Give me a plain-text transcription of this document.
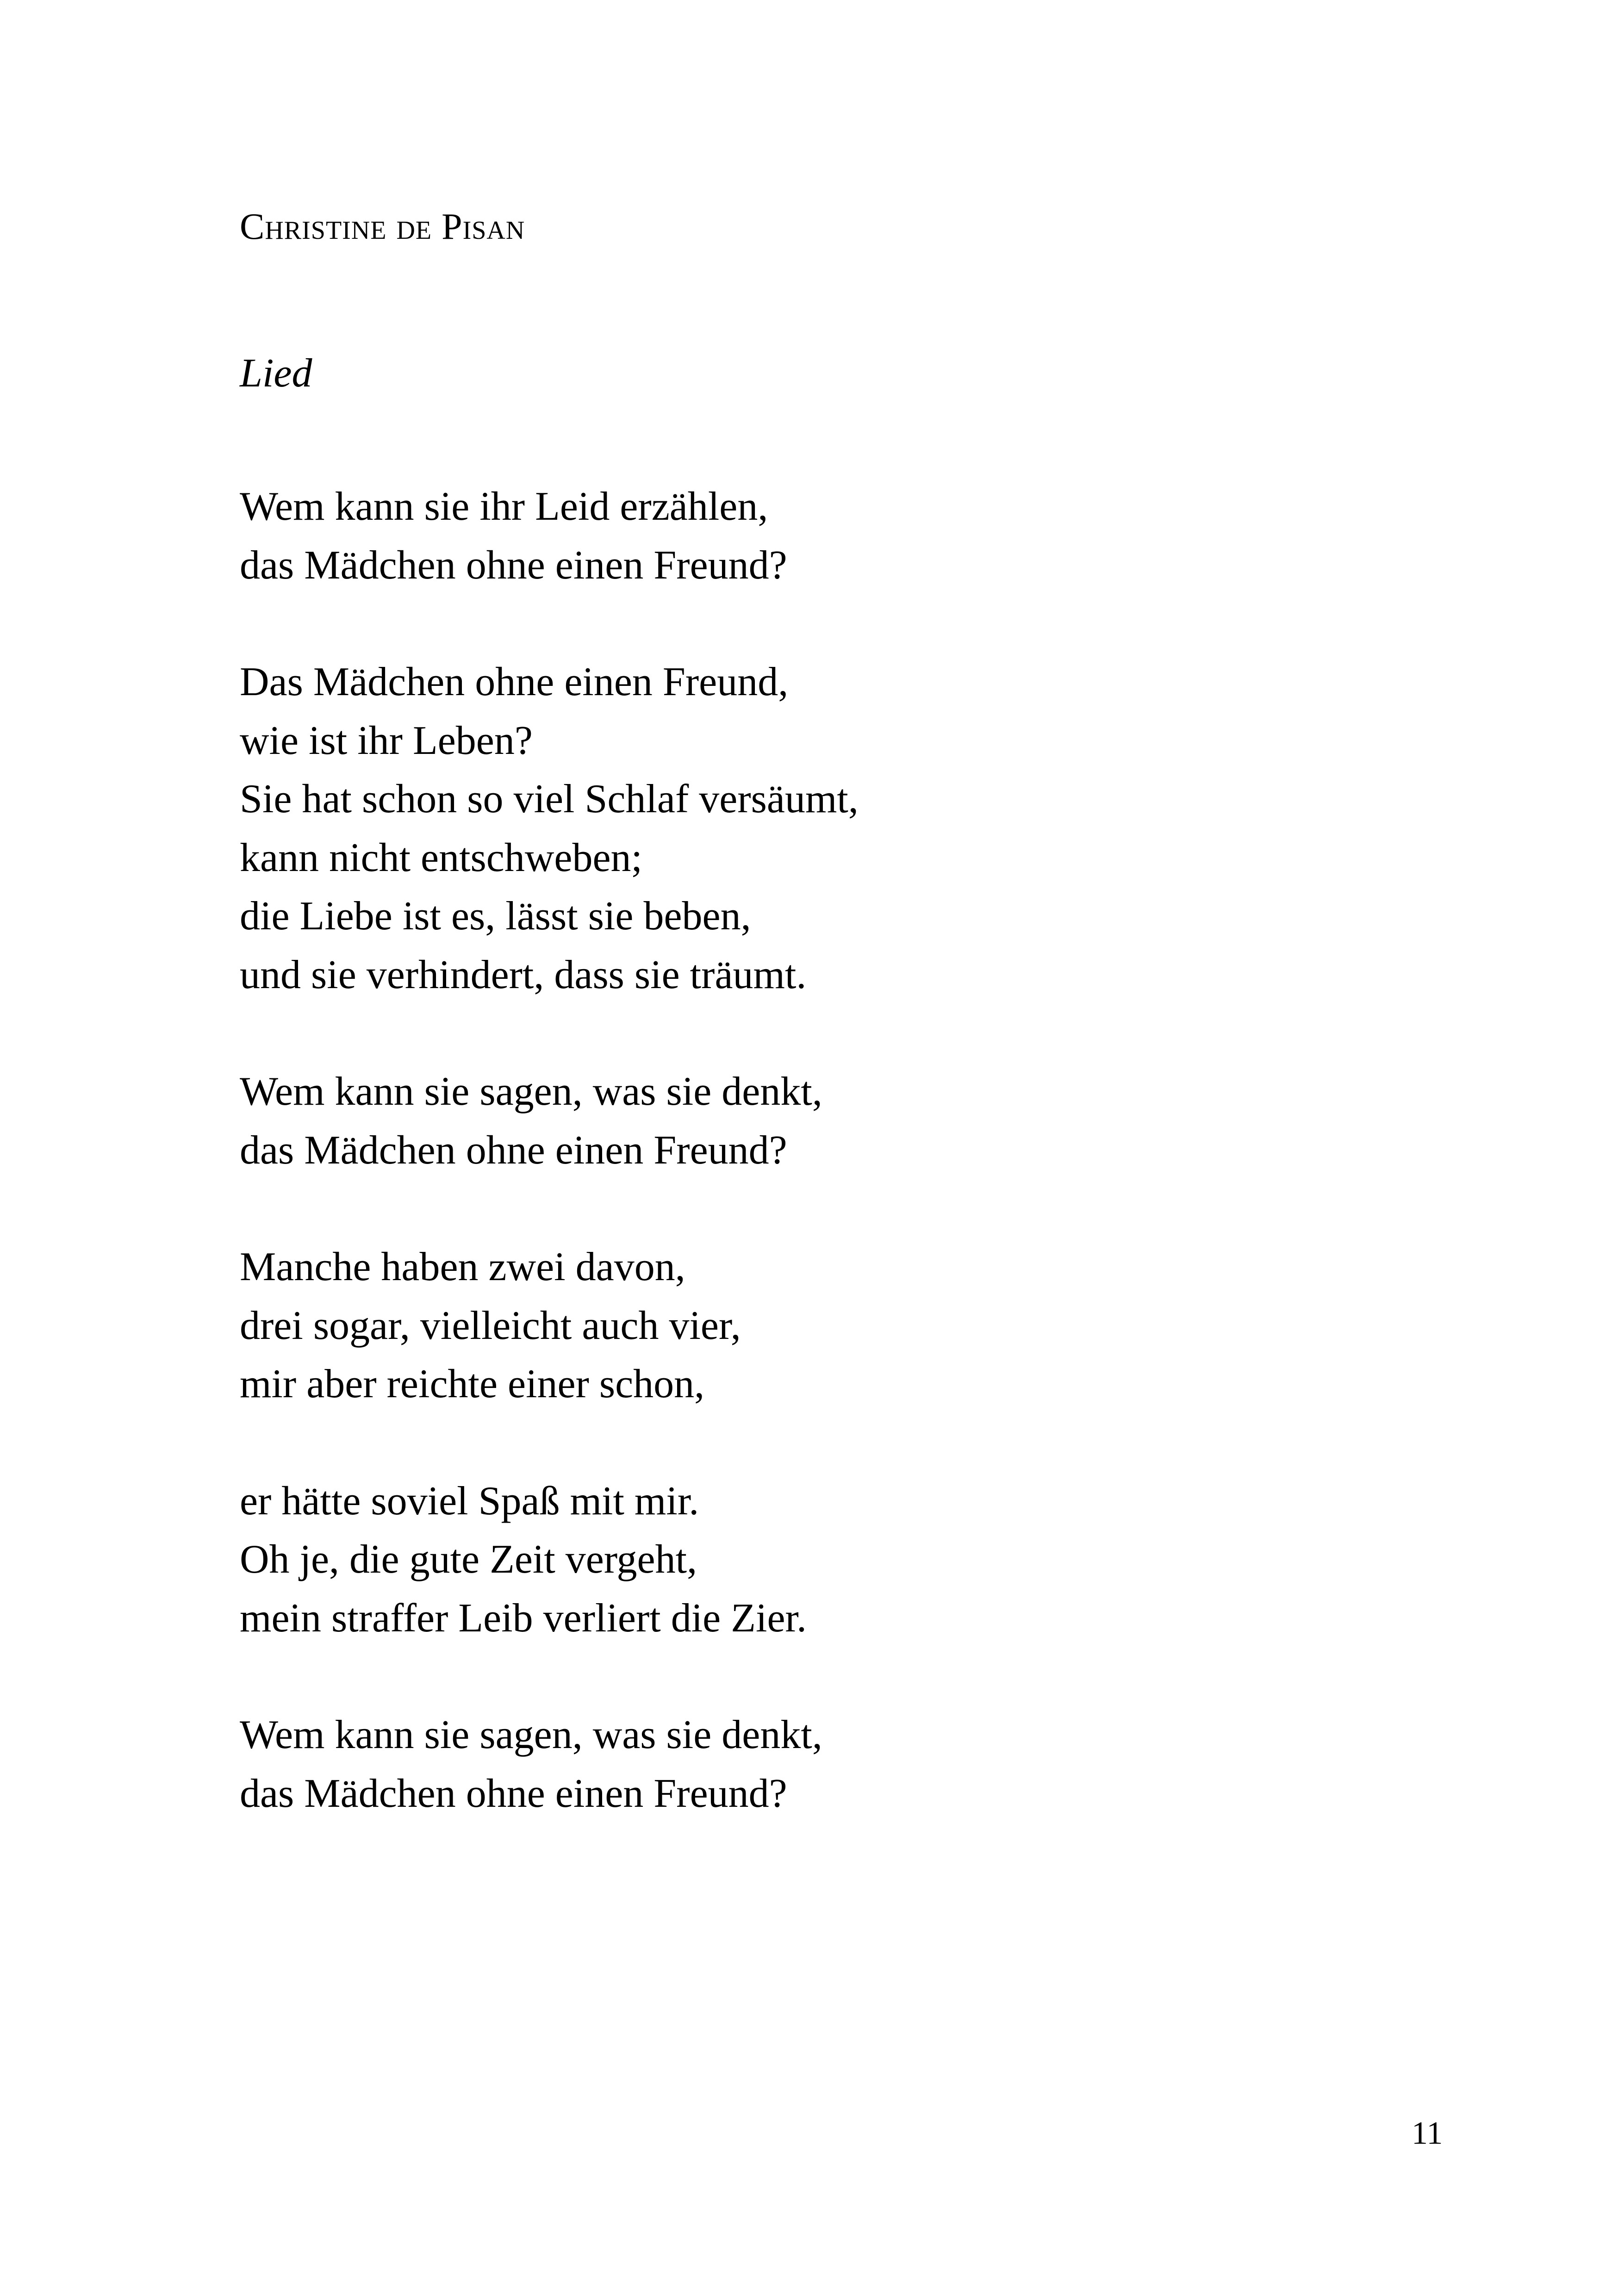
Christine de Pisan
Lied
Wem kann sie ihr Leid erzählen,
das Mädchen ohne einen Freund?
Das Mädchen ohne einen Freund,
wie ist ihr Leben?
Sie hat schon so viel Schlaf versäumt,
kann nicht entschweben;
die Liebe ist es, lässt sie beben,
und sie verhindert, dass sie träumt.
Wem kann sie sagen, was sie denkt,
das Mädchen ohne einen Freund?
Manche haben zwei davon,
drei sogar, vielleicht auch vier,
mir aber reichte einer schon,
er hätte soviel Spaß mit mir.
Oh je, die gute Zeit vergeht,
mein straffer Leib verliert die Zier.
Wem kann sie sagen, was sie denkt,
das Mädchen ohne einen Freund?
11
